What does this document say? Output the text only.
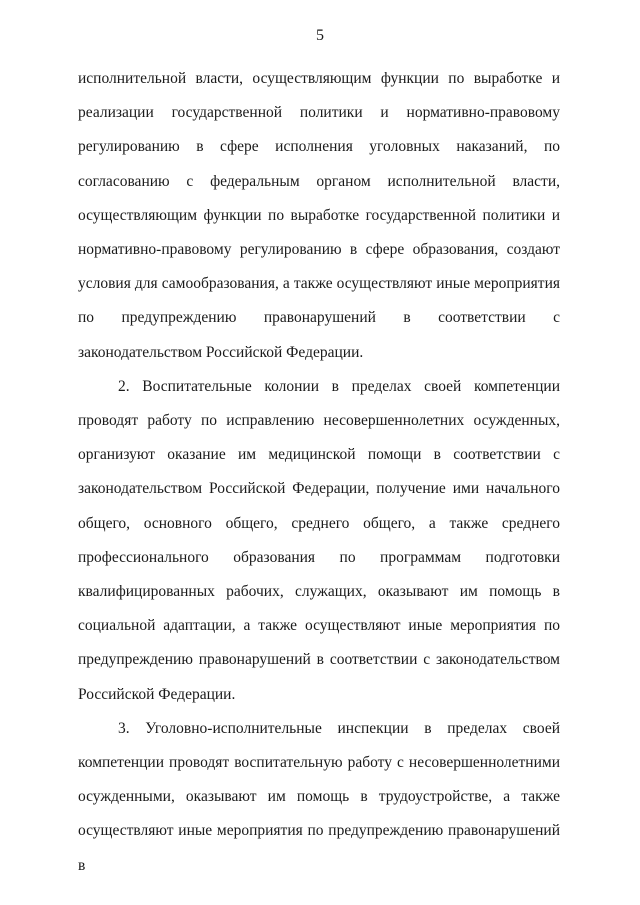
5

исполнительной власти, осуществляющим функции по выработке и реализации государственной политики и нормативно-правовому регулированию в сфере исполнения уголовных наказаний, по согласованию с федеральным органом исполнительной власти, осуществляющим функции по выработке государственной политики и нормативно-правовому регулированию в сфере образования, создают условия для самообразования, а также осуществляют иные мероприятия по предупреждению правонарушений в соответствии с законодательством Российской Федерации.

2. Воспитательные колонии в пределах своей компетенции проводят работу по исправлению несовершеннолетних осужденных, организуют оказание им медицинской помощи в соответствии с законодательством Российской Федерации, получение ими начального общего, основного общего, среднего общего, а также среднего профессионального образования по программам подготовки квалифицированных рабочих, служащих, оказывают им помощь в социальной адаптации, а также осуществляют иные мероприятия по предупреждению правонарушений в соответствии с законодательством Российской Федерации.

3. Уголовно-исполнительные инспекции в пределах своей компетенции проводят воспитательную работу с несовершеннолетними осужденными, оказывают им помощь в трудоустройстве, а также осуществляют иные мероприятия по предупреждению правонарушений в
